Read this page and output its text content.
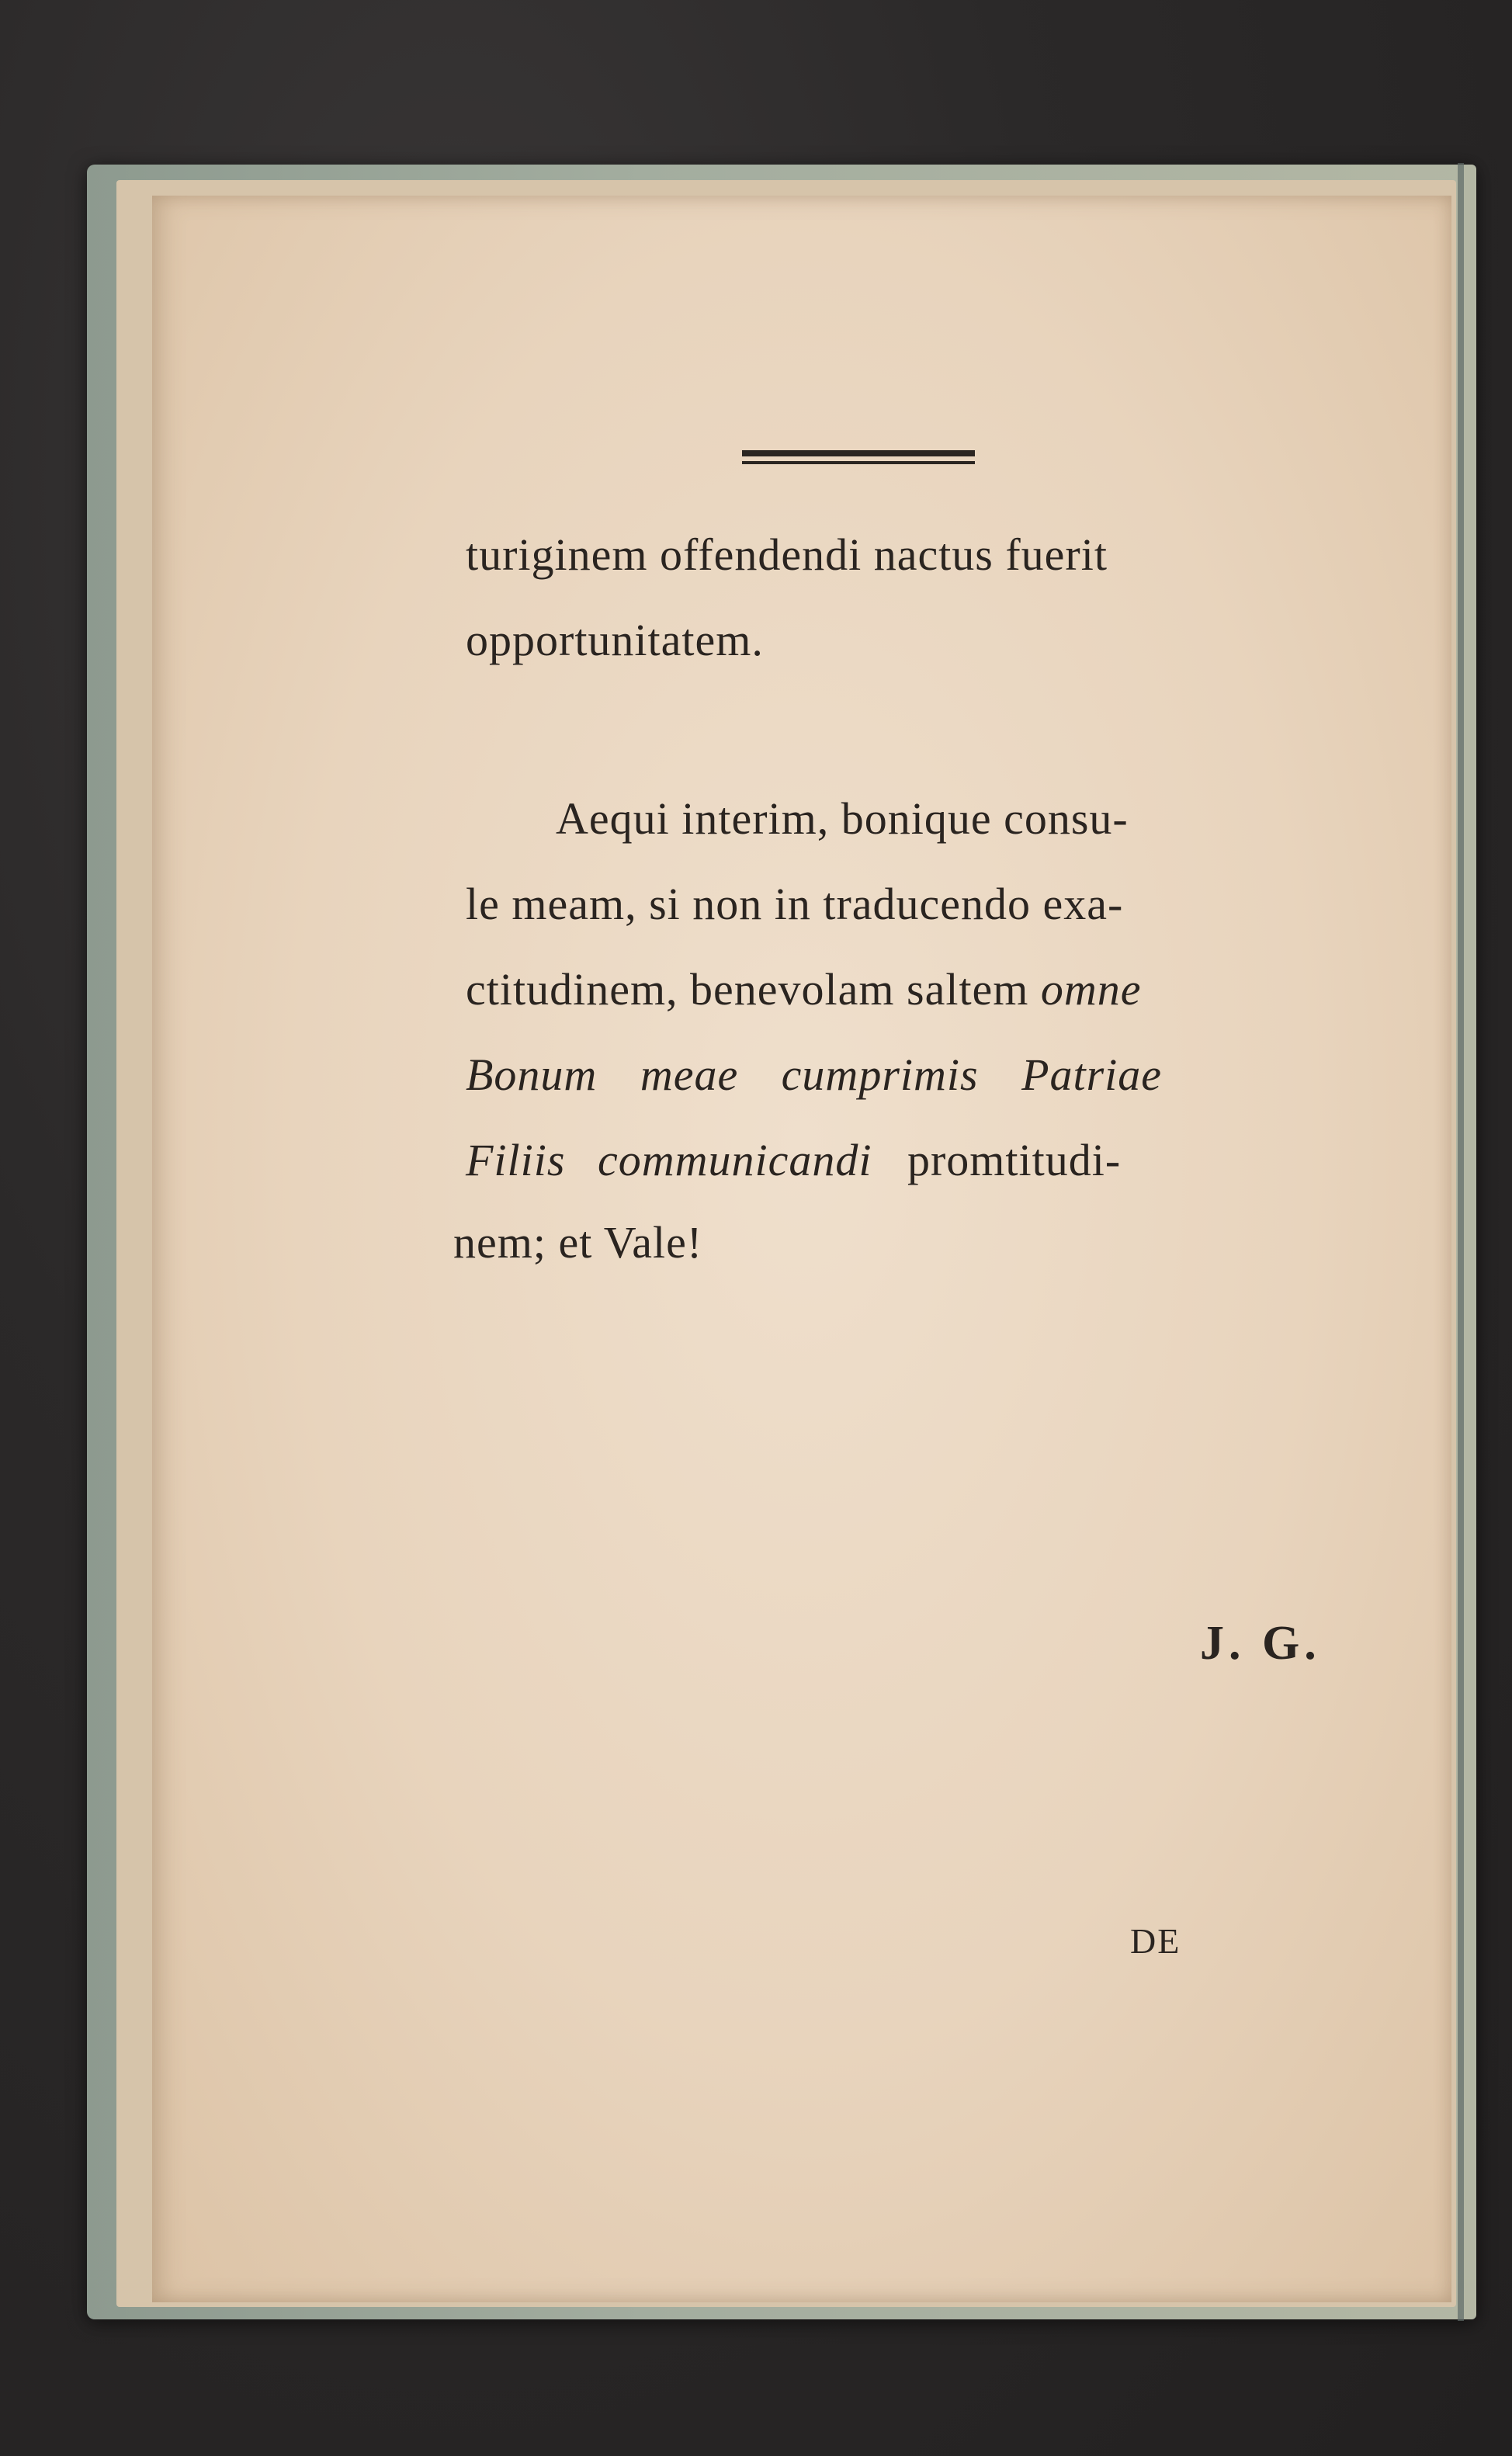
turiginem offendendi nactus fuerit
opportunitatem.
Aequi interim, bonique consu-
le meam, si non in traducendo exa-
ctitudinem, benevolam saltem omne
Bonum meae cumprimis Patriae
Filiis communicandi promtitudi-
nem; et Vale!
J. G.
DE
